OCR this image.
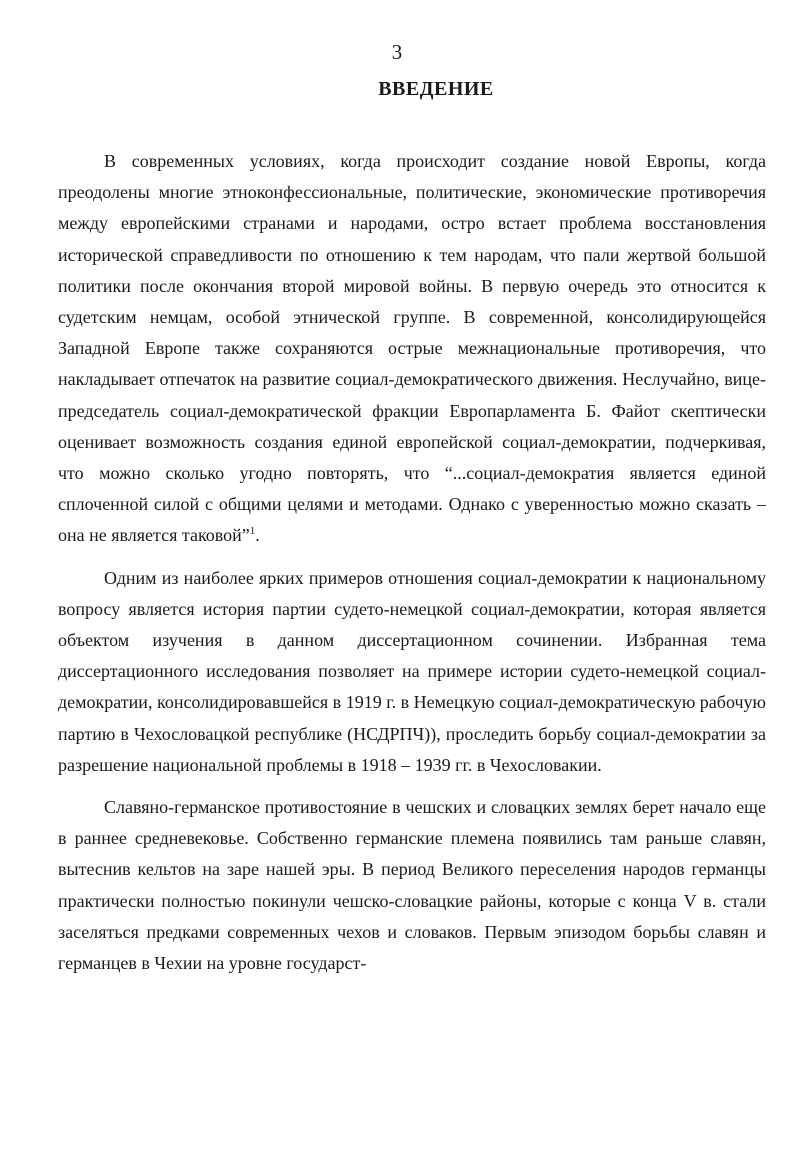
3
ВВЕДЕНИЕ

В современных условиях, когда происходит создание новой Европы, когда преодолены многие этноконфессиональные, политические, экономические противоречия между европейскими странами и народами, остро встает проблема восстановления исторической справедливости по отношению к тем народам, что пали жертвой большой политики после окончания второй мировой войны. В первую очередь это относится к судетским немцам, особой этнической группе. В современной, консолидирующейся Западной Европе также сохраняются острые межнациональные противоречия, что накладывает отпечаток на развитие социал-демократического движения. Неслучайно, вице-председатель социал-демократической фракции Европарламента Б. Файот скептически оценивает возможность создания единой европейской социал-демократии, подчеркивая, что можно сколько угодно повторять, что “...социал-демократия является единой сплоченной силой с общими целями и методами. Однако с уверенностью можно сказать – она не является таковой”$^1$.

Одним из наиболее ярких примеров отношения социал-демократии к национальному вопросу является история партии судето-немецкой социал-демократии, которая является объектом изучения в данном диссертационном сочинении. Избранная тема диссертационного исследования позволяет на примере истории судето-немецкой социал-демократии, консолидировавшейся в 1919 г. в Немецкую социал-демократическую рабочую партию в Чехословацкой республике (НСДРПЧ)), проследить борьбу социал-демократии за разрешение национальной проблемы в 1918 – 1939 гг. в Чехословакии.

Славяно-германское противостояние в чешских и словацких землях берет начало еще в раннее средневековье. Собственно германские племена появились там раньше славян, вытеснив кельтов на заре нашей эры. В период Великого переселения народов германцы практически полностью покинули чешско-словацкие районы, которые с конца V в. стали заселяться предками современных чехов и словаков. Первым эпизодом борьбы славян и германцев в Чехии на уровне государст-
